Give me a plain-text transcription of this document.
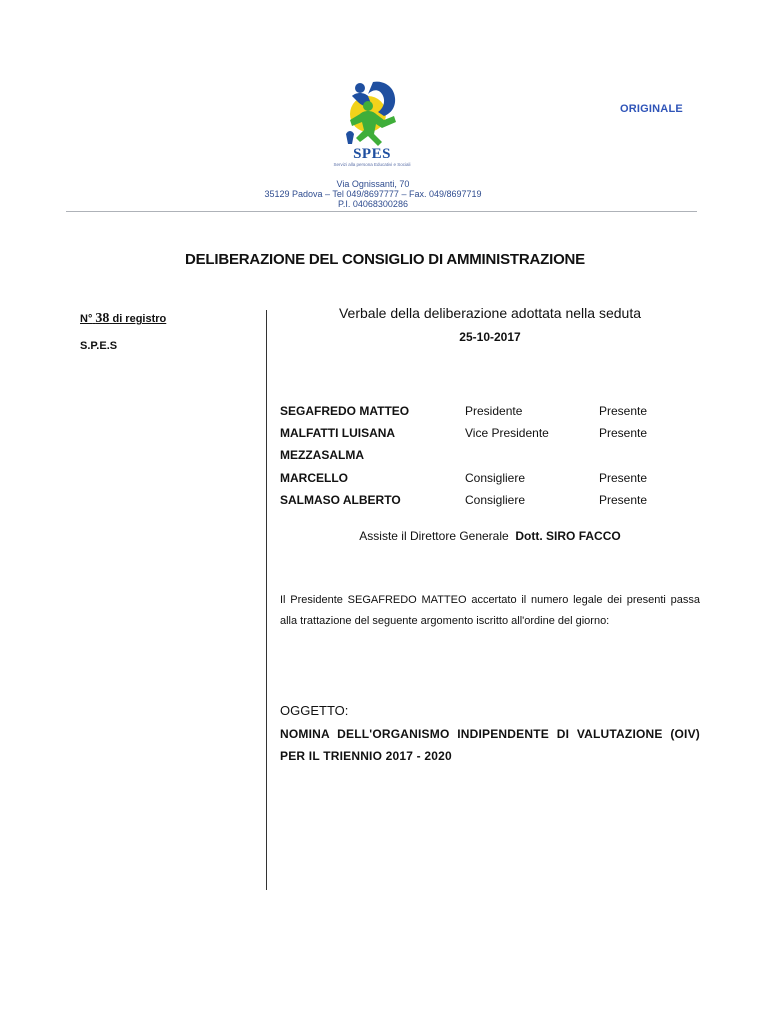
SPES
Servizi alla persona Educativi e Sociali
Via Ognissanti, 70
35129 Padova – Tel 049/8697777 – Fax. 049/8697719
P.I. 04068300286
ORIGINALE
DELIBERAZIONE DEL CONSIGLIO DI AMMINISTRAZIONE
N° 38 di registro
S.P.E.S
Verbale della deliberazione adottata nella seduta
25-10-2017
SEGAFREDO MATTEO	Presidente	Presente
MALFATTI LUISANA	Vice Presidente	Presente
MEZZASALMA
MARCELLO	Consigliere	Presente
SALMASO ALBERTO	Consigliere	Presente
Assiste il Direttore Generale Dott. SIRO FACCO
Il Presidente SEGAFREDO MATTEO accertato il numero legale dei presenti passa alla trattazione del seguente argomento iscritto all'ordine del giorno:
OGGETTO:
NOMINA DELL'ORGANISMO INDIPENDENTE DI VALUTAZIONE (OIV) PER IL TRIENNIO 2017 - 2020
